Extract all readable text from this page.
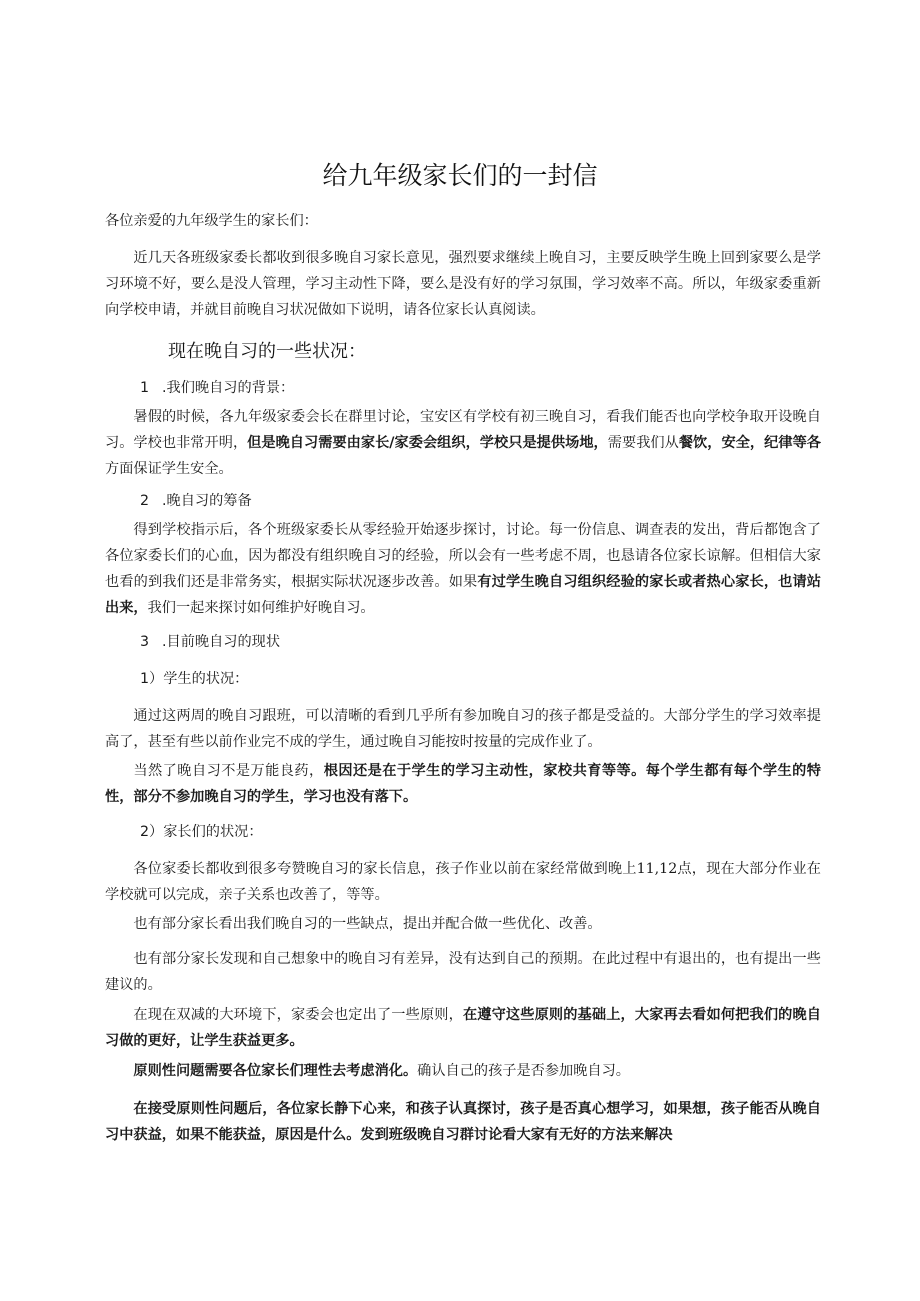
给九年级家长们的一封信

各位亲爱的九年级学生的家长们：

近几天各班级家委长都收到很多晚自习家长意见，强烈要求继续上晚自习，主要反映学生晚上回到家要么是学习环境不好，要么是没人管理，学习主动性下降，要么是没有好的学习氛围，学习效率不高。所以，年级家委重新向学校申请，并就目前晚自习状况做如下说明，请各位家长认真阅读。

现在晚自习的一些状况：

1 .我们晚自习的背景：

暑假的时候，各九年级家委会长在群里讨论，宝安区有学校有初三晚自习，看我们能否也向学校争取开设晚自习。学校也非常开明，但是晚自习需要由家长/家委会组织，学校只是提供场地，需要我们从餐饮，安全，纪律等各方面保证学生安全。

2 .晚自习的筹备

得到学校指示后，各个班级家委长从零经验开始逐步探讨，讨论。每一份信息、调查表的发出，背后都饱含了各位家委长们的心血，因为都没有组织晚自习的经验，所以会有一些考虑不周，也恳请各位家长谅解。但相信大家也看的到我们还是非常务实，根据实际状况逐步改善。如果有过学生晚自习组织经验的家长或者热心家长，也请站出来，我们一起来探讨如何维护好晚自习。

3 .目前晚自习的现状

1）学生的状况：

通过这两周的晚自习跟班，可以清晰的看到几乎所有参加晚自习的孩子都是受益的。大部分学生的学习效率提高了，甚至有些以前作业完不成的学生，通过晚自习能按时按量的完成作业了。

当然了晚自习不是万能良药，根因还是在于学生的学习主动性，家校共育等等。每个学生都有每个学生的特性，部分不参加晚自习的学生，学习也没有落下。

2）家长们的状况：

各位家委长都收到很多夸赞晚自习的家长信息，孩子作业以前在家经常做到晚上11,12点，现在大部分作业在学校就可以完成，亲子关系也改善了，等等。

也有部分家长看出我们晚自习的一些缺点，提出并配合做一些优化、改善。

也有部分家长发现和自己想象中的晚自习有差异，没有达到自己的预期。在此过程中有退出的，也有提出一些建议的。

在现在双减的大环境下，家委会也定出了一些原则，在遵守这些原则的基础上，大家再去看如何把我们的晚自习做的更好，让学生获益更多。

原则性问题需要各位家长们理性去考虑消化。确认自己的孩子是否参加晚自习。

在接受原则性问题后，各位家长静下心来，和孩子认真探讨，孩子是否真心想学习，如果想，孩子能否从晚自习中获益，如果不能获益，原因是什么。发到班级晚自习群讨论看大家有无好的方法来解决
